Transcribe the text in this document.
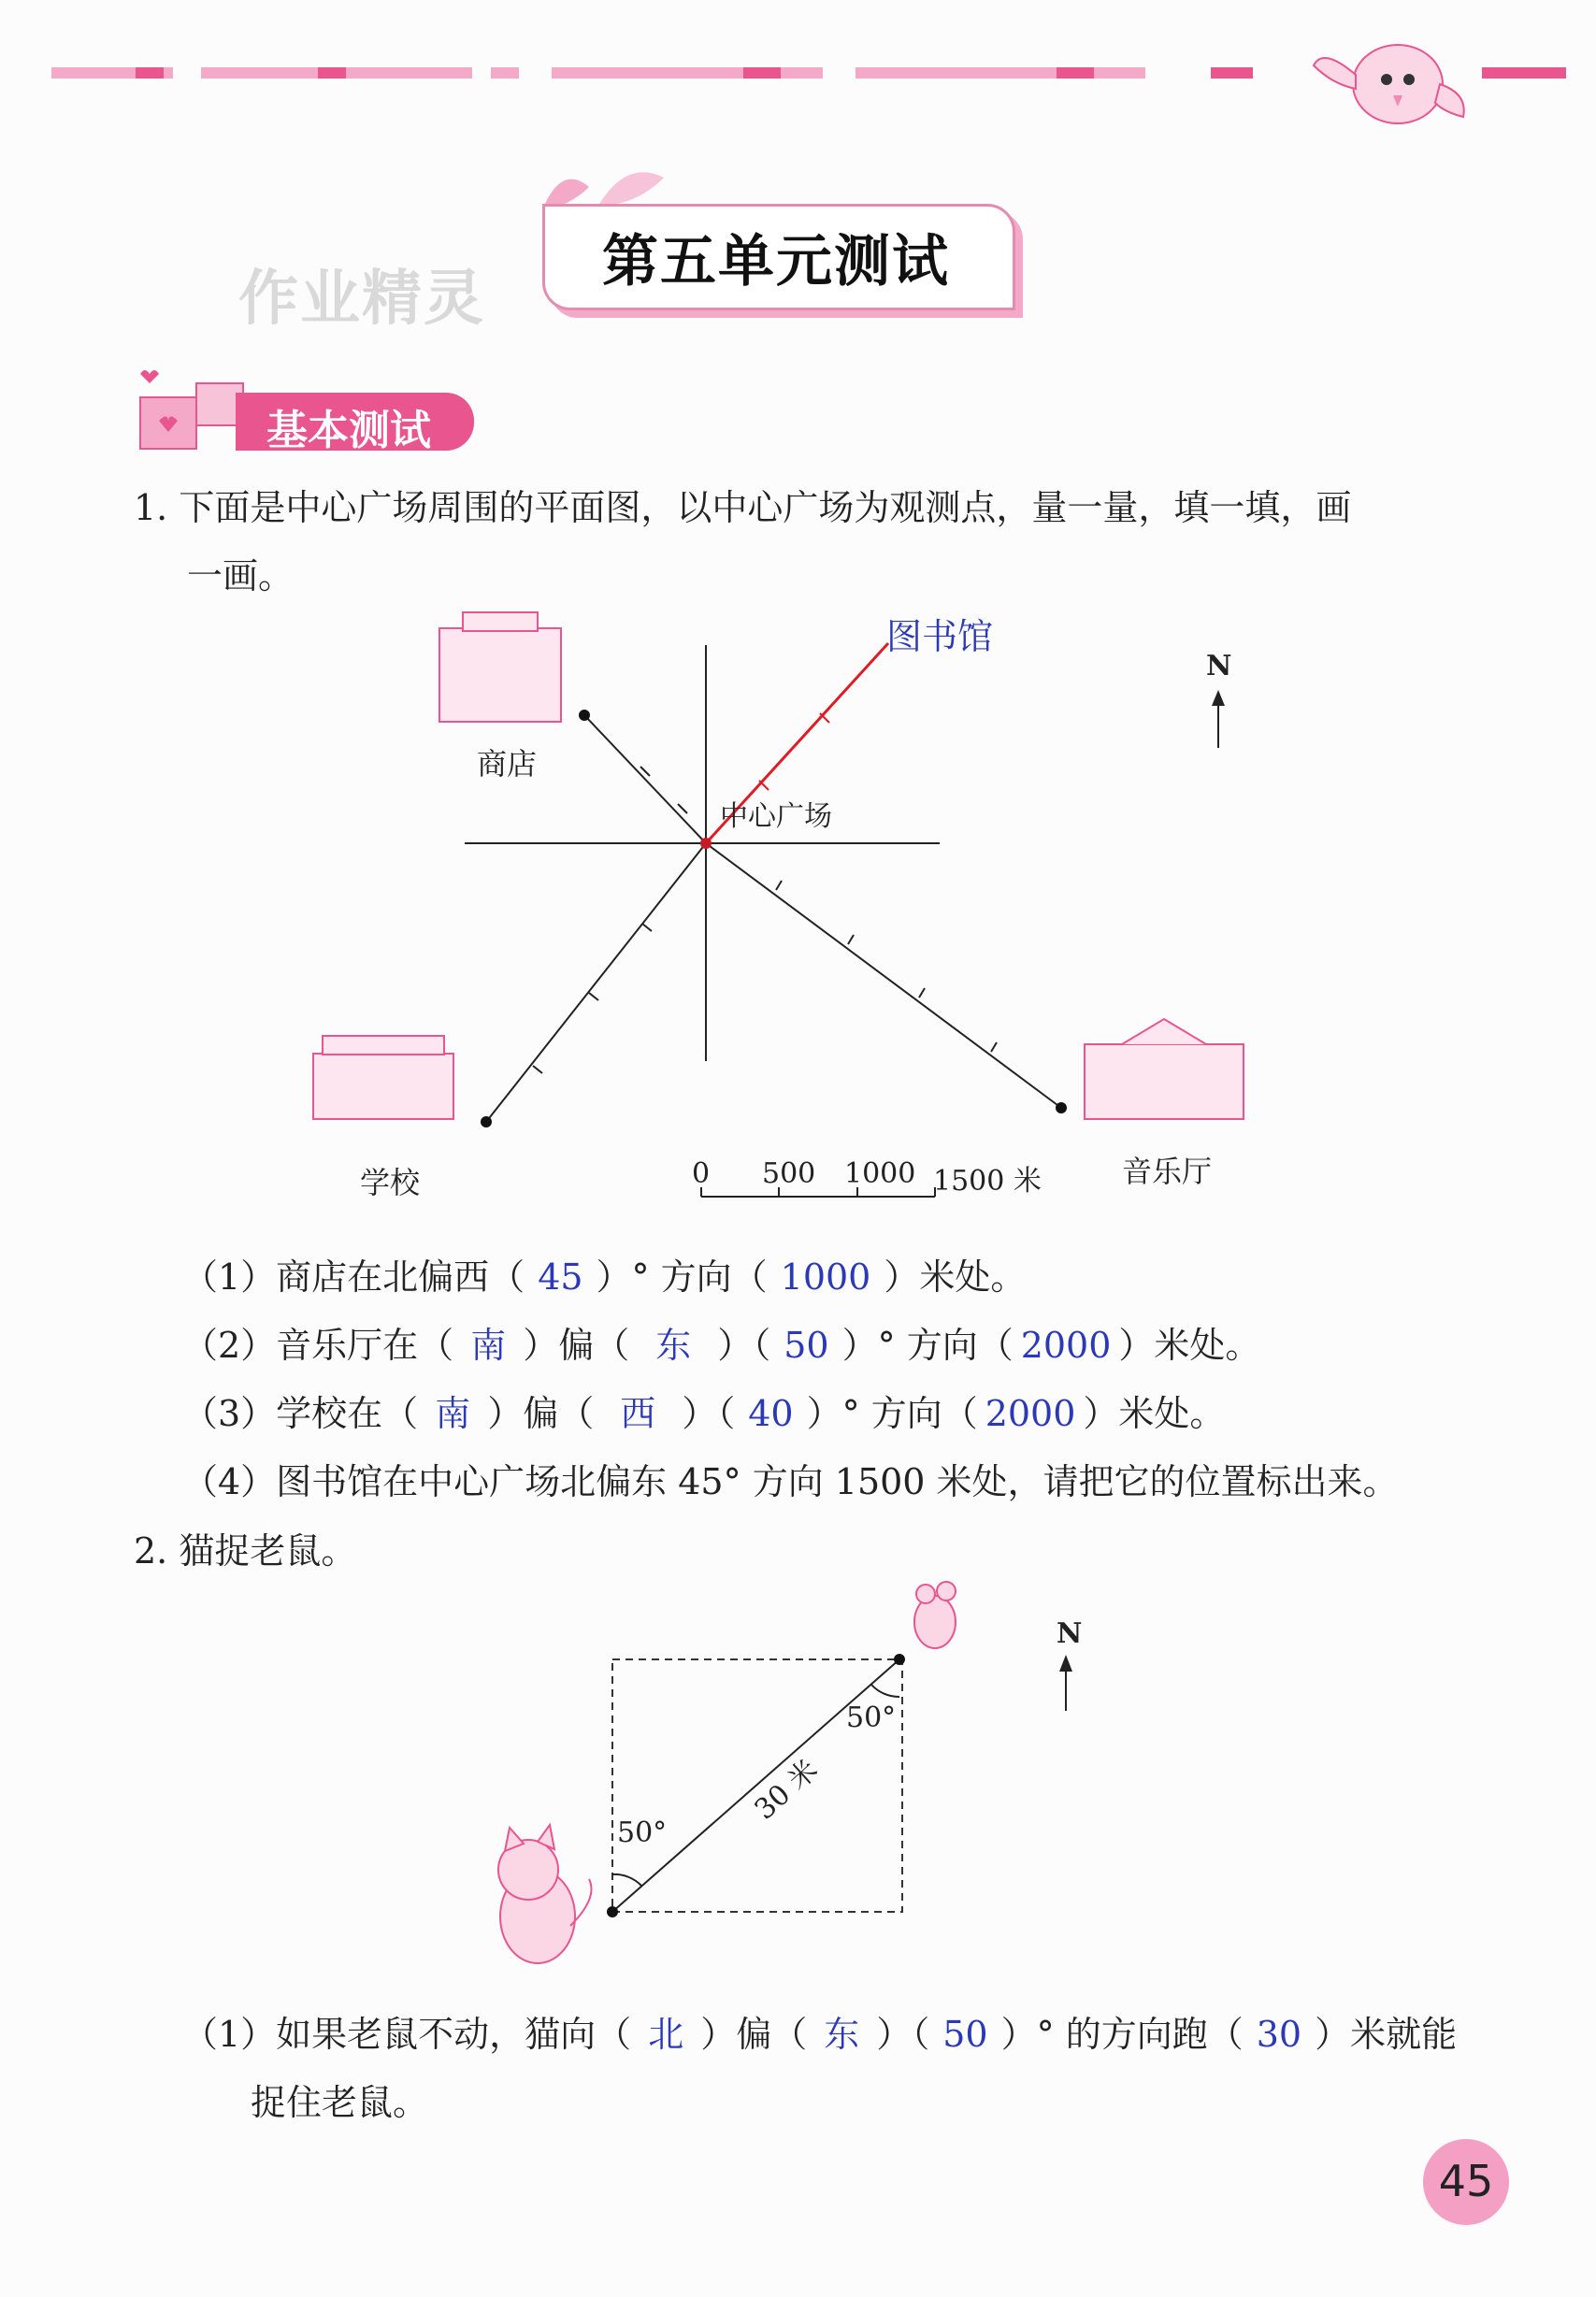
第五单元测试
作业精灵
基本测试
1. 下面是中心广场周围的平面图，以中心广场为观测点，量一量，填一填，画
一画。
图书馆
商店
中心广场
学校	音乐厅
N
0 500 1000 1500 米
（1）商店在北偏西（ 45 ）° 方向（ 1000 ）米处。
（2）音乐厅在（ 南 ）偏（ 东 ）（ 50 ）° 方向（ 2000 ）米处。
（3）学校在（ 南 ）偏（ 西 ）（ 40 ）° 方向（ 2000 ）米处。
（4）图书馆在中心广场北偏东 45° 方向 1500 米处，请把它的位置标出来。
2. 猫捉老鼠。
50°
50°
30 米
N
（1）如果老鼠不动，猫向（ 北 ）偏（ 东 ）（ 50 ）° 的方向跑（ 30 ）米就能
捉住老鼠。
45
